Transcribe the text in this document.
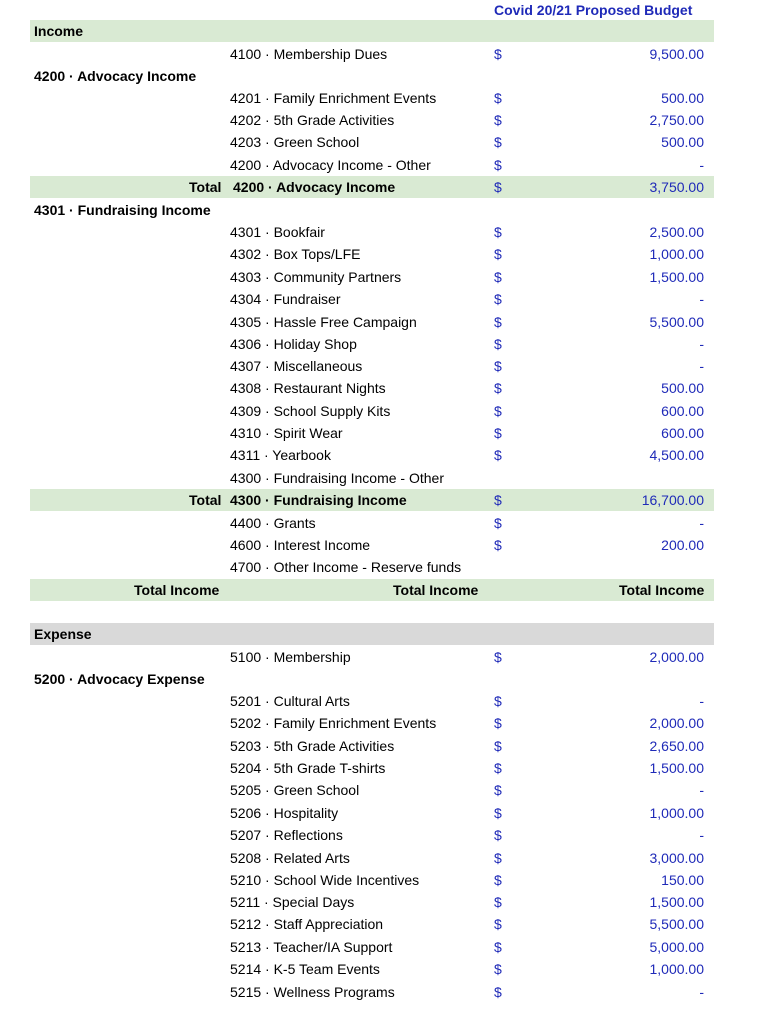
Covid 20/21 Proposed Budget
Income
4100 · Membership Dues	$	9,500.00
4200 · Advocacy Income
4201 · Family Enrichment Events	$	500.00
4202 · 5th Grade Activities	$	2,750.00
4203 · Green School	$	500.00
4200 · Advocacy Income - Other	$	-
Total 4200 · Advocacy Income	$	3,750.00
4301 · Fundraising Income
4301 · Bookfair	$	2,500.00
4302 · Box Tops/LFE	$	1,000.00
4303 · Community Partners	$	1,500.00
4304 · Fundraiser	$	-
4305 · Hassle Free Campaign	$	5,500.00
4306 · Holiday Shop	$	-
4307 · Miscellaneous	$	-
4308 · Restaurant Nights	$	500.00
4309 · School Supply Kits	$	600.00
4310 · Spirit Wear	$	600.00
4311 · Yearbook	$	4,500.00
4300 · Fundraising Income - Other
Total 4300 · Fundraising Income	$	16,700.00
4400 · Grants	$	-
4600 · Interest Income	$	200.00
4700 · Other Income - Reserve funds
Total Income	Total Income	Total Income
Expense
5100 · Membership	$	2,000.00
5200 · Advocacy Expense
5201 · Cultural Arts	$	-
5202 · Family Enrichment Events	$	2,000.00
5203 · 5th Grade Activities	$	2,650.00
5204 · 5th Grade T-shirts	$	1,500.00
5205 · Green School	$	-
5206 · Hospitality	$	1,000.00
5207 · Reflections	$	-
5208 · Related Arts	$	3,000.00
5210 · School Wide Incentives	$	150.00
5211 · Special Days	$	1,500.00
5212 · Staff Appreciation	$	5,500.00
5213 · Teacher/IA Support	$	5,000.00
5214 · K-5 Team Events	$	1,000.00
5215 · Wellness Programs	$	-
